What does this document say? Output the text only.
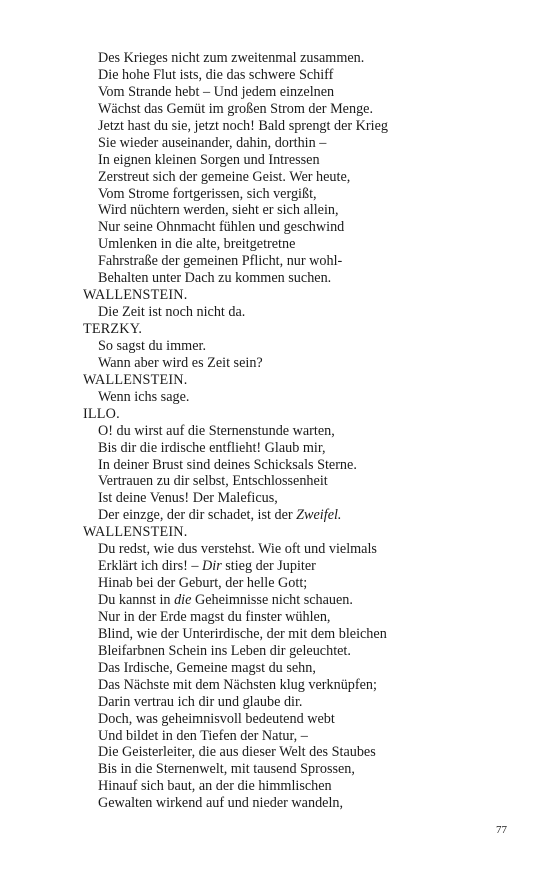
Des Krieges nicht zum zweitenmal zusammen.
Die hohe Flut ists, die das schwere Schiff
Vom Strande hebt – Und jedem einzelnen
Wächst das Gemüt im großen Strom der Menge.
Jetzt hast du sie, jetzt noch! Bald sprengt der Krieg
Sie wieder auseinander, dahin, dorthin –
In eignen kleinen Sorgen und Intressen
Zerstreut sich der gemeine Geist. Wer heute,
Vom Strome fortgerissen, sich vergißt,
Wird nüchtern werden, sieht er sich allein,
Nur seine Ohnmacht fühlen und geschwind
Umlenken in die alte, breitgetretne
Fahrstraße der gemeinen Pflicht, nur wohl-
Behalten unter Dach zu kommen suchen.
WALLENSTEIN.
Die Zeit ist noch nicht da.
TERZKY.
So sagst du immer.
Wann aber wird es Zeit sein?
WALLENSTEIN.
Wenn ichs sage.
ILLO.
O! du wirst auf die Sternenstunde warten,
Bis dir die irdische entflieht! Glaub mir,
In deiner Brust sind deines Schicksals Sterne.
Vertrauen zu dir selbst, Entschlossenheit
Ist deine Venus! Der Maleficus,
Der einzge, der dir schadet, ist der Zweifel.
WALLENSTEIN.
Du redst, wie dus verstehst. Wie oft und vielmals
Erklärt ich dirs! – Dir stieg der Jupiter
Hinab bei der Geburt, der helle Gott;
Du kannst in die Geheimnisse nicht schauen.
Nur in der Erde magst du finster wühlen,
Blind, wie der Unterirdische, der mit dem bleichen
Bleifarbnen Schein ins Leben dir geleuchtet.
Das Irdische, Gemeine magst du sehn,
Das Nächste mit dem Nächsten klug verknüpfen;
Darin vertrau ich dir und glaube dir.
Doch, was geheimnisvoll bedeutend webt
Und bildet in den Tiefen der Natur, –
Die Geisterleiter, die aus dieser Welt des Staubes
Bis in die Sternenwelt, mit tausend Sprossen,
Hinauf sich baut, an der die himmlischen
Gewalten wirkend auf und nieder wandeln,
77
